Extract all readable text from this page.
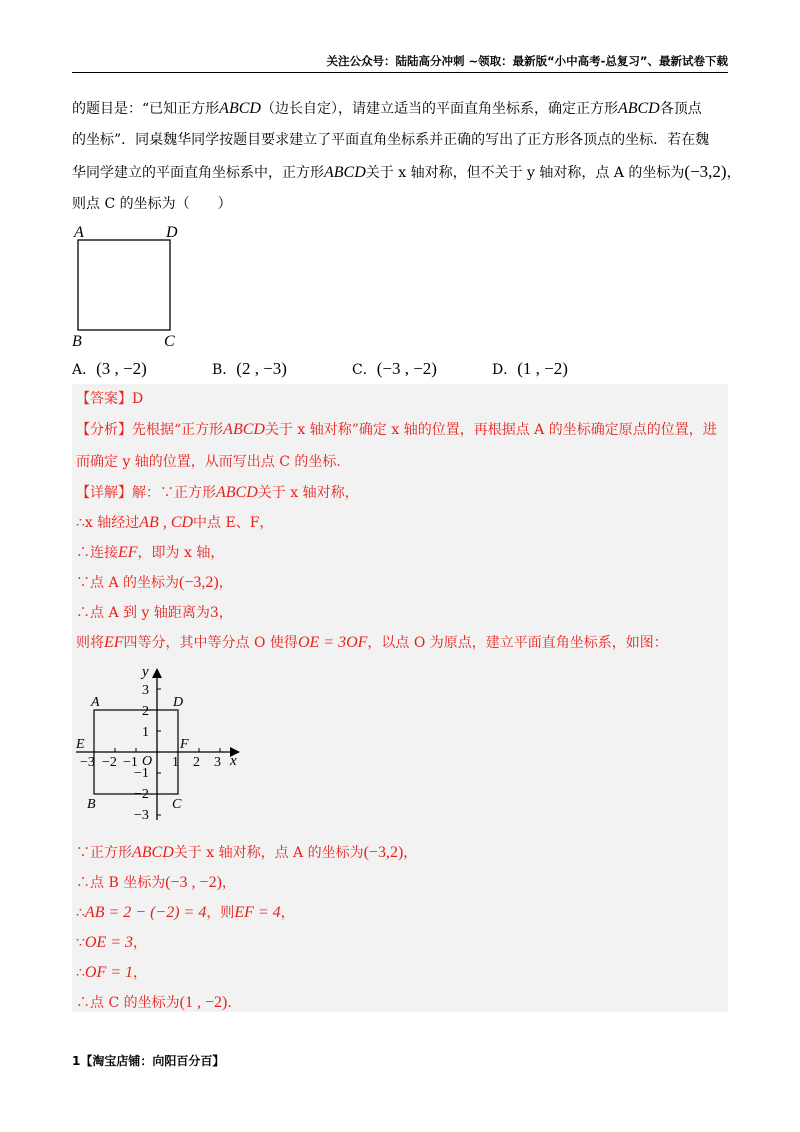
关注公众号：陆陆高分冲刺 ~领取：最新版“小中高考-总复习”、最新试卷下载

的题目是：“已知正方形ABCD（边长自定），请建立适当的平面直角坐标系，确定正方形ABCD各顶点

的坐标”．同桌魏华同学按题目要求建立了平面直角坐标系并正确的写出了正方形各顶点的坐标．若在魏

华同学建立的平面直角坐标系中，正方形ABCD关于 x 轴对称，但不关于 y 轴对称，点 A 的坐标为(−3,2)，

则点 C 的坐标为（　　）

A	D
B	C
A．(3 , −2)	B．(2 , −3)	C．(−3 , −2)	D．(1 , −2)
【答案】D
【分析】先根据“正方形ABCD关于 x 轴对称”确定 x 轴的位置，再根据点 A 的坐标确定原点的位置，进
而确定 y 轴的位置，从而写出点 C 的坐标．
【详解】解：∵正方形ABCD关于 x 轴对称，
∴x 轴经过AB , CD中点 E、F，
∴连接EF，即为 x 轴，
∵点 A 的坐标为(−3,2)，
∴点 A 到 y 轴距离为3，
则将EF四等分，其中等分点 O 使得OE = 3OF，以点 O 为原点，建立平面直角坐标系，如图：
∵正方形ABCD关于 x 轴对称，点 A 的坐标为(−3,2)，
∴点 B 坐标为(−3 , −2)，
∴AB = 2 − (−2) = 4，则EF = 4，
∵OE = 3，
∴OF = 1，
∴点 C 的坐标为(1 , −2)．
y
x
O
3
2
1
−1
−2
−3
−3 −2 −1 1 2 3
A	D
B	C
E	F
1【淘宝店铺：向阳百分百】
